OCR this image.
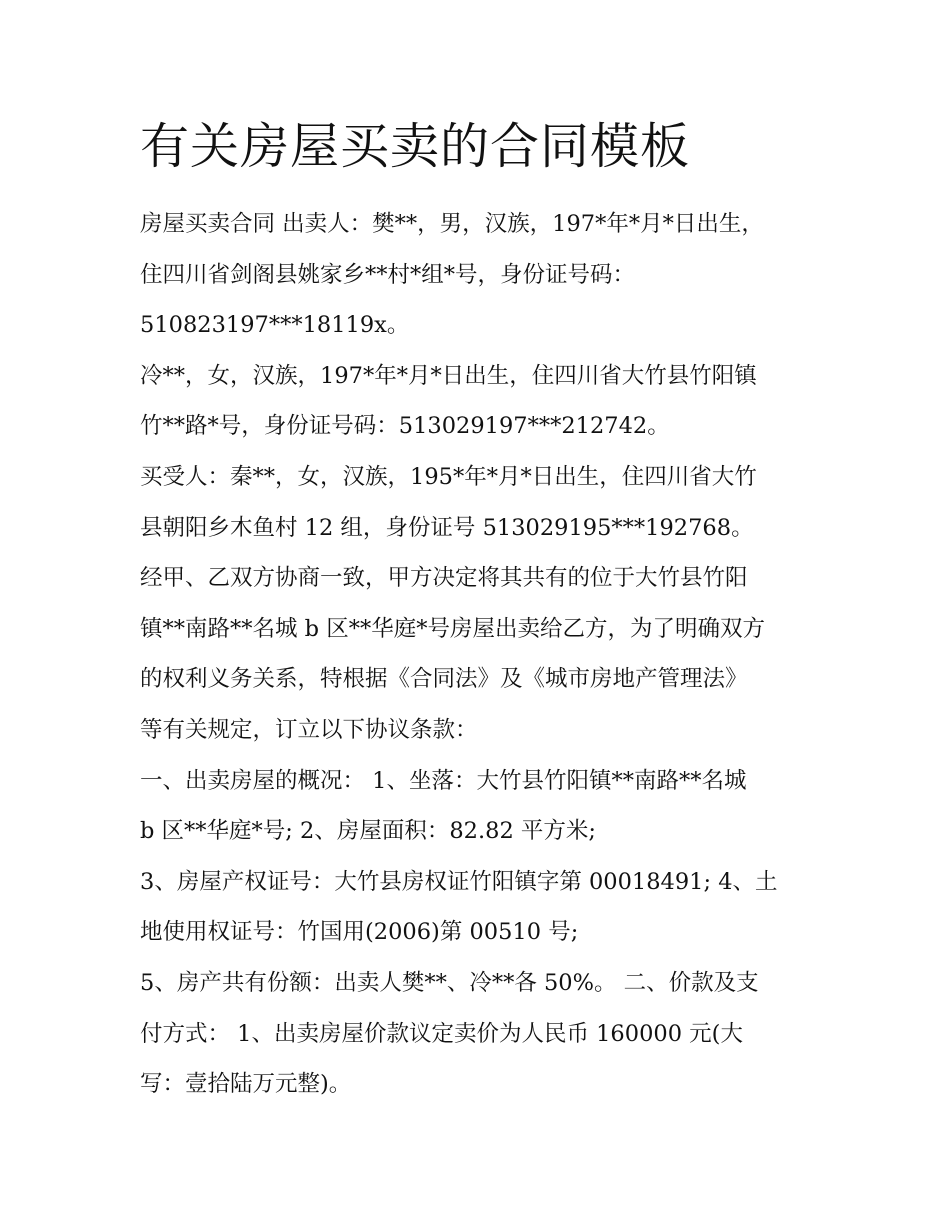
有关房屋买卖的合同模板

房屋买卖合同 出卖人：樊**，男，汉族，197*年*月*日出生，

住四川省剑阁县姚家乡**村*组*号，身份证号码：

510823197***18119x。

冷**，女，汉族，197*年*月*日出生，住四川省大竹县竹阳镇

竹**路*号，身份证号码：513029197***212742。

买受人：秦**，女，汉族，195*年*月*日出生，住四川省大竹

县朝阳乡木鱼村 12 组，身份证号 513029195***192768。

经甲、乙双方协商一致，甲方决定将其共有的位于大竹县竹阳

镇**南路**名城 b 区**华庭*号房屋出卖给乙方，为了明确双方

的权利义务关系，特根据《合同法》及《城市房地产管理法》

等有关规定，订立以下协议条款：

一、出卖房屋的概况： 1、坐落：大竹县竹阳镇**南路**名城

b 区**华庭*号; 2、房屋面积：82.82 平方米;

3、房屋产权证号：大竹县房权证竹阳镇字第 00018491; 4、土

地使用权证号：竹国用(2006)第 00510 号;

5、房产共有份额：出卖人樊**、冷**各 50%。 二、价款及支

付方式： 1、出卖房屋价款议定卖价为人民币 160000 元(大

写：壹拾陆万元整)。
